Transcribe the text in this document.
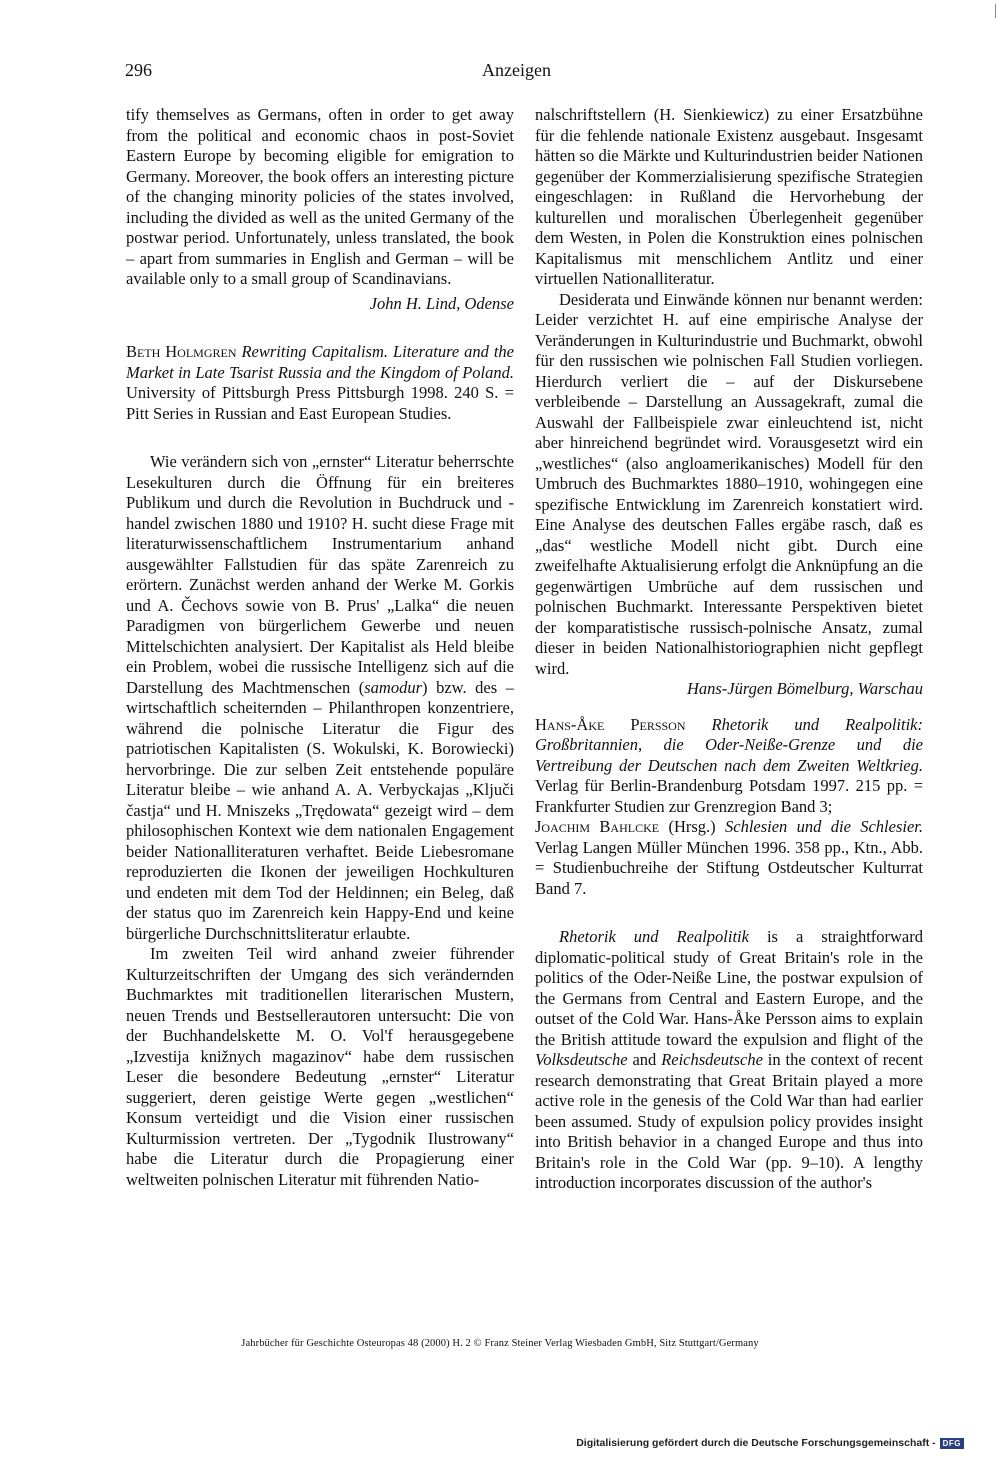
296	Anzeigen

tify themselves as Germans, often in order to get away from the political and economic chaos in post-Soviet Eastern Europe by becoming eligible for emigration to Germany. Moreover, the book offers an interesting picture of the changing minority policies of the states involved, including the divided as well as the united Germany of the postwar period. Unfortunately, unless translated, the book – apart from summaries in English and German – will be available only to a small group of Scandinavians.

John H. Lind, Odense

Beth Holmgren Rewriting Capitalism. Literature and the Market in Late Tsarist Russia and the Kingdom of Poland. University of Pittsburgh Press Pittsburgh 1998. 240 S. = Pitt Series in Russian and East European Studies.

Wie verändern sich von „ernster“ Literatur beherrschte Lesekulturen durch die Öffnung für ein breiteres Publikum und durch die Revolution in Buchdruck und -handel zwischen 1880 und 1910? H. sucht diese Frage mit literaturwissenschaftlichem Instrumentarium anhand ausgewählter Fallstudien für das späte Zarenreich zu erörtern. Zunächst werden anhand der Werke M. Gorkis und A. Čechovs sowie von B. Prus' „Lalka“ die neuen Paradigmen von bürgerlichem Gewerbe und neuen Mittelschichten analysiert. Der Kapitalist als Held bleibe ein Problem, wobei die russische Intelligenz sich auf die Darstellung des Machtmenschen (samodur) bzw. des – wirtschaftlich scheiternden – Philanthropen konzentriere, während die polnische Literatur die Figur des patriotischen Kapitalisten (S. Wokulski, K. Borowiecki) hervorbringe. Die zur selben Zeit entstehende populäre Literatur bleibe – wie anhand A. A. Verbyckajas „Ključi častja“ und H. Mniszeks „Trędowata“ gezeigt wird – dem philosophischen Kontext wie dem nationalen Engagement beider Nationalliteraturen verhaftet. Beide Liebesromane reproduzierten die Ikonen der jeweiligen Hochkulturen und endeten mit dem Tod der Heldinnen; ein Beleg, daß der status quo im Zarenreich kein Happy-End und keine bürgerliche Durchschnittsliteratur erlaubte.

Im zweiten Teil wird anhand zweier führender Kulturzeitschriften der Umgang des sich verändernden Buchmarktes mit traditionellen literarischen Mustern, neuen Trends und Bestsellerautoren untersucht: Die von der Buchhandelskette M. O. Vol'f herausgegebene „Izvestija knižnych magazinov“ habe dem russischen Leser die besondere Bedeutung „ernster“ Literatur suggeriert, deren geistige Werte gegen „westlichen“ Konsum verteidigt und die Vision einer russischen Kulturmission vertreten. Der „Tygodnik Ilustrowany“ habe die Literatur durch die Propagierung einer weltweiten polnischen Literatur mit führenden Natio-

nalschriftstellern (H. Sienkiewicz) zu einer Ersatzbühne für die fehlende nationale Existenz ausgebaut. Insgesamt hätten so die Märkte und Kulturindustrien beider Nationen gegenüber der Kommerzialisierung spezifische Strategien eingeschlagen: in Rußland die Hervorhebung der kulturellen und moralischen Überlegenheit gegenüber dem Westen, in Polen die Konstruktion eines polnischen Kapitalismus mit menschlichem Antlitz und einer virtuellen Nationalliteratur.

Desiderata und Einwände können nur benannt werden: Leider verzichtet H. auf eine empirische Analyse der Veränderungen in Kulturindustrie und Buchmarkt, obwohl für den russischen wie polnischen Fall Studien vorliegen. Hierdurch verliert die – auf der Diskursebene verbleibende – Darstellung an Aussagekraft, zumal die Auswahl der Fallbeispiele zwar einleuchtend ist, nicht aber hinreichend begründet wird. Vorausgesetzt wird ein „westliches“ (also angloamerikanisches) Modell für den Umbruch des Buchmarktes 1880–1910, wohingegen eine spezifische Entwicklung im Zarenreich konstatiert wird. Eine Analyse des deutschen Falles ergäbe rasch, daß es „das“ westliche Modell nicht gibt. Durch eine zweifelhafte Aktualisierung erfolgt die Anknüpfung an die gegenwärtigen Umbrüche auf dem russischen und polnischen Buchmarkt. Interessante Perspektiven bietet der komparatistische russisch-polnische Ansatz, zumal dieser in beiden Nationalhistoriographien nicht gepflegt wird.

Hans-Jürgen Bömelburg, Warschau

Hans-Åke Persson Rhetorik und Realpolitik: Großbritannien, die Oder-Neiße-Grenze und die Vertreibung der Deutschen nach dem Zweiten Weltkrieg. Verlag für Berlin-Brandenburg Potsdam 1997. 215 pp. = Frankfurter Studien zur Grenzregion Band 3;

Joachim Bahlcke (Hrsg.) Schlesien und die Schlesier. Verlag Langen Müller München 1996. 358 pp., Ktn., Abb. = Studienbuchreihe der Stiftung Ostdeutscher Kulturrat Band 7.

Rhetorik und Realpolitik is a straightforward diplomatic-political study of Great Britain's role in the politics of the Oder-Neiße Line, the postwar expulsion of the Germans from Central and Eastern Europe, and the outset of the Cold War. Hans-Åke Persson aims to explain the British attitude toward the expulsion and flight of the Volksdeutsche and Reichsdeutsche in the context of recent research demonstrating that Great Britain played a more active role in the genesis of the Cold War than had earlier been assumed. Study of expulsion policy provides insight into British behavior in a changed Europe and thus into Britain's role in the Cold War (pp. 9–10). A lengthy introduction incorporates discussion of the author's

Jahrbücher für Geschichte Osteuropas 48 (2000) H. 2 © Franz Steiner Verlag Wiesbaden GmbH, Sitz Stuttgart/Germany
Digitalisierung gefördert durch die Deutsche Forschungsgemeinschaft - DFG
